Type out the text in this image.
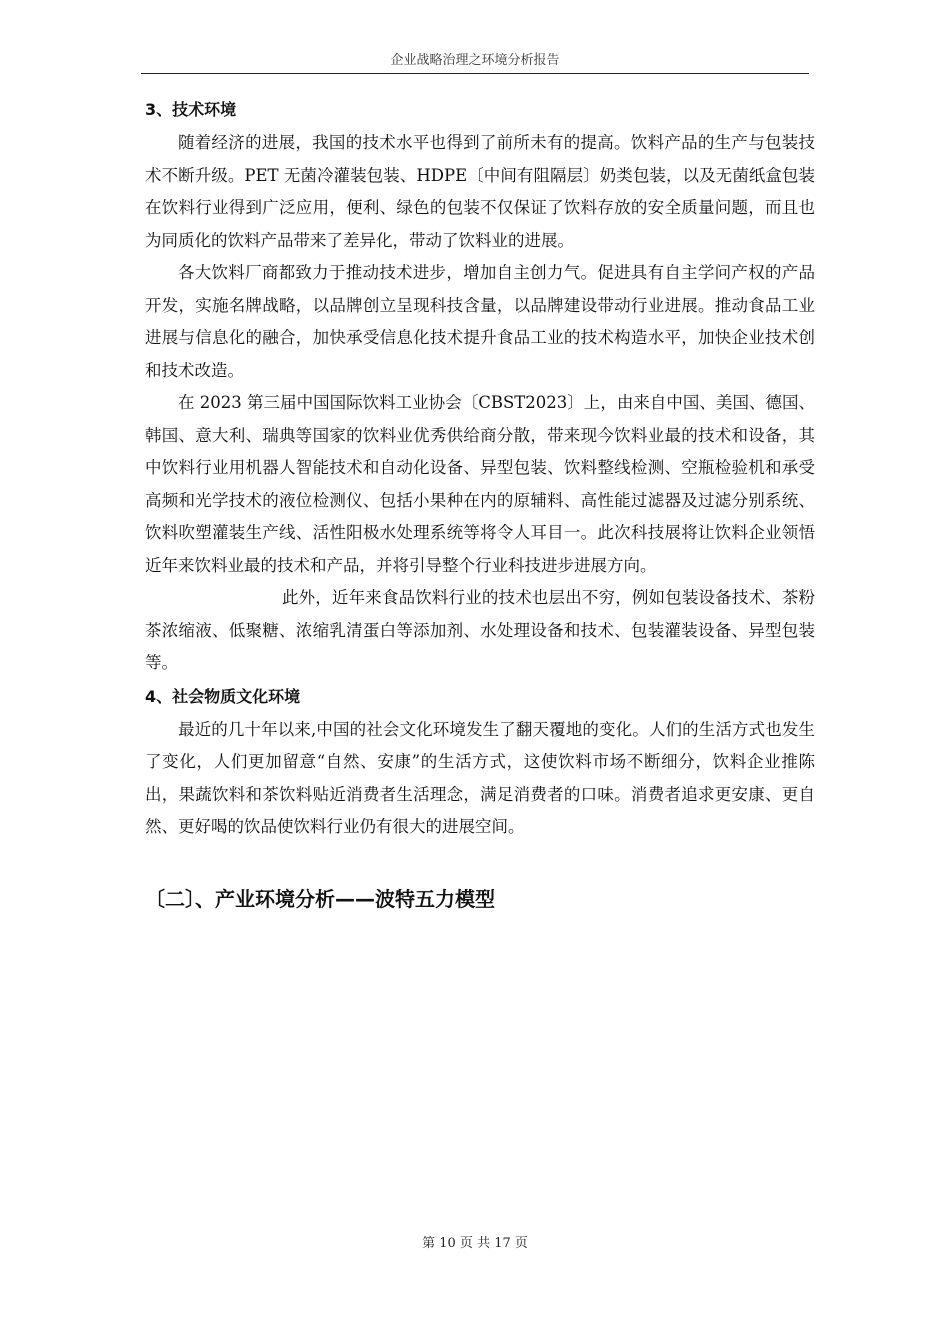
企业战略治理之环境分析报告

3、技术环境

随着经济的进展，我国的技术水平也得到了前所未有的提高。饮料产品的生产与包装技术不断升级。PET 无菌冷灌装包装、HDPE〔中间有阻隔层〕奶类包装，以及无菌纸盒包装在饮料行业得到广泛应用，便利、绿色的包装不仅保证了饮料存放的安全质量问题，而且也为同质化的饮料产品带来了差异化，带动了饮料业的进展。

各大饮料厂商都致力于推动技术进步，增加自主创力气。促进具有自主学问产权的产品开发，实施名牌战略，以品牌创立呈现科技含量，以品牌建设带动行业进展。推动食品工业进展与信息化的融合，加快承受信息化技术提升食品工业的技术构造水平，加快企业技术创和技术改造。

在 2023 第三届中国国际饮料工业协会〔CBST2023〕上，由来自中国、美国、德国、韩国、意大利、瑞典等国家的饮料业优秀供给商分散，带来现今饮料业最的技术和设备，其中饮料行业用机器人智能技术和自动化设备、异型包装、饮料整线检测、空瓶检验机和承受高频和光学技术的液位检测仪、包括小果种在内的原辅料、高性能过滤器及过滤分别系统、饮料吹塑灌装生产线、活性阳极水处理系统等将令人耳目一。此次科技展将让饮料企业领悟近年来饮料业最的技术和产品，并将引导整个行业科技进步进展方向。

此外，近年来食品饮料行业的技术也层出不穷，例如包装设备技术、茶粉茶浓缩液、低聚糖、浓缩乳清蛋白等添加剂、水处理设备和技术、包装灌装设备、异型包装等。

4、社会物质文化环境

最近的几十年以来,中国的社会文化环境发生了翻天覆地的变化。人们的生活方式也发生了变化，人们更加留意“自然、安康”的生活方式，这使饮料市场不断细分，饮料企业推陈出，果蔬饮料和茶饮料贴近消费者生活理念，满足消费者的口味。消费者追求更安康、更自然、更好喝的饮品使饮料行业仍有很大的进展空间。

〔二〕、产业环境分析——波特五力模型

第 10 页 共 17 页
